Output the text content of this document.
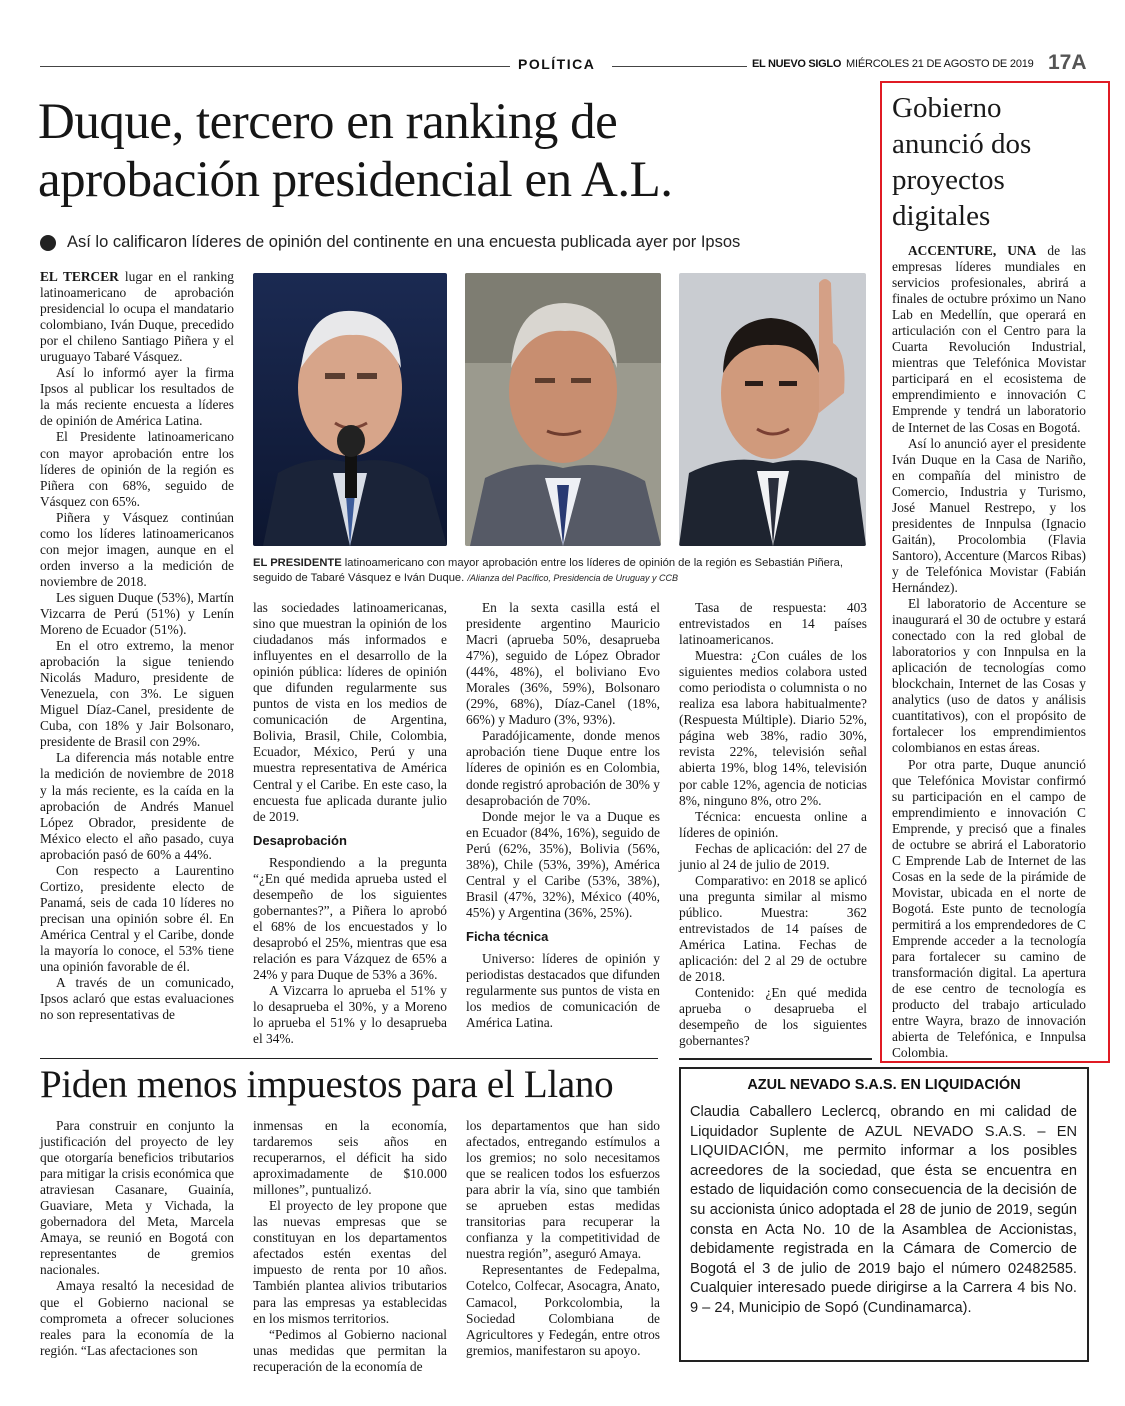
POLÍTICA	EL NUEVO SIGLO MIÉRCOLES 21 DE AGOSTO DE 2019 17A
Duque, tercero en ranking de
aprobación presidencial en A.L.
Así lo calificaron líderes de opinión del continente en una encuesta publicada ayer por Ipsos
EL PRESIDENTE latinoamericano con mayor aprobación entre los líderes de opinión de la región es Sebastián Piñera,
seguido de Tabaré Vásquez e Iván Duque. /Alianza del Pacífico, Presidencia de Uruguay y CCB

EL TERCER lugar en el ranking latinoamericano de aprobación presidencial lo ocupa el mandatario colombiano, Iván Duque, precedido por el chileno Santiago Piñera y el uruguayo Tabaré Vásquez.

Así lo informó ayer la firma Ipsos al publicar los resultados de la más reciente encuesta a líderes de opinión de América Latina.

El Presidente latinoamericano con mayor aprobación entre los líderes de opinión de la región es Piñera con 68%, seguido de Vásquez con 65%.

Piñera y Vásquez continúan como los líderes latinoamericanos con mejor imagen, aunque en el orden inverso a la medición de noviembre de 2018.

Les siguen Duque (53%), Martín Vizcarra de Perú (51%) y Lenín Moreno de Ecuador (51%).

En el otro extremo, la menor aprobación la sigue teniendo Nicolás Maduro, presidente de Venezuela, con 3%. Le siguen Miguel Díaz-Canel, presidente de Cuba, con 18% y Jair Bolsonaro, presidente de Brasil con 29%.

La diferencia más notable entre la medición de noviembre de 2018 y la más reciente, es la caída en la aprobación de Andrés Manuel López Obrador, presidente de México electo el año pasado, cuya aprobación pasó de 60% a 44%.

Con respecto a Laurentino Cortizo, presidente electo de Panamá, seis de cada 10 líderes no precisan una opinión sobre él. En América Central y el Caribe, donde la mayoría lo conoce, el 53% tiene una opinión favorable de él.

A través de un comunicado, Ipsos aclaró que estas evaluaciones no son representativas de

las sociedades latinoamericanas, sino que muestran la opinión de los ciudadanos más informados e influyentes en el desarrollo de la opinión pública: líderes de opinión que difunden regularmente sus puntos de vista en los medios de comunicación de Argentina, Bolivia, Brasil, Chile, Colombia, Ecuador, México, Perú y una muestra representativa de América Central y el Caribe. En este caso, la encuesta fue aplicada durante julio de 2019.

Desaprobación

Respondiendo a la pregunta “¿En qué medida aprueba usted el desempeño de los siguientes gobernantes?”, a Piñera lo aprobó el 68% de los encuestados y lo desaprobó el 25%, mientras que esa relación es para Vázquez de 65% a 24% y para Duque de 53% a 36%.

A Vizcarra lo aprueba el 51% y lo desaprueba el 30%, y a Moreno lo aprueba el 51% y lo desaprueba el 34%.

En la sexta casilla está el presidente argentino Mauricio Macri (aprueba 50%, desaprueba 47%), seguido de López Obrador (44%, 48%), el boliviano Evo Morales (36%, 59%), Bolsonaro (29%, 68%), Díaz-Canel (18%, 66%) y Maduro (3%, 93%).

Paradójicamente, donde menos aprobación tiene Duque entre los líderes de opinión es en Colombia, donde registró aprobación de 30% y desaprobación de 70%.

Donde mejor le va a Duque es en Ecuador (84%, 16%), seguido de Perú (62%, 35%), Bolivia (56%, 38%), Chile (53%, 39%), América Central y el Caribe (53%, 38%), Brasil (47%, 32%), México (40%, 45%) y Argentina (36%, 25%).

Ficha técnica

Universo: líderes de opinión y periodistas destacados que difunden regularmente sus puntos de vista en los medios de comunicación de América Latina.

Tasa de respuesta: 403 entrevistados en 14 países latinoamericanos.

Muestra: ¿Con cuáles de los siguientes medios colabora usted como periodista o columnista o no realiza esa labora habitualmente? (Respuesta Múltiple). Diario 52%, página web 38%, radio 30%, revista 22%, televisión señal abierta 19%, blog 14%, televisión por cable 12%, agencia de noticias 8%, ninguno 8%, otro 2%.

Técnica: encuesta online a líderes de opinión.

Fechas de aplicación: del 27 de junio al 24 de julio de 2019.

Comparativo: en 2018 se aplicó una pregunta similar al mismo público. Muestra: 362 entrevistados de 14 países de América Latina. Fechas de aplicación: del 2 al 29 de octubre de 2018.

Contenido: ¿En qué medida aprueba o desaprueba el desempeño de los siguientes gobernantes?

Gobierno anunció dos proyectos digitales

ACCENTURE, UNA de las empresas líderes mundiales en servicios profesionales, abrirá a finales de octubre próximo un Nano Lab en Medellín, que operará en articulación con el Centro para la Cuarta Revolución Industrial, mientras que Telefónica Movistar participará en el ecosistema de emprendimiento e innovación C Emprende y tendrá un laboratorio de Internet de las Cosas en Bogotá.

Así lo anunció ayer el presidente Iván Duque en la Casa de Nariño, en compañía del ministro de Comercio, Industria y Turismo, José Manuel Restrepo, y los presidentes de Innpulsa (Ignacio Gaitán), Procolombia (Flavia Santoro), Accenture (Marcos Ribas) y de Telefónica Movistar (Fabián Hernández).

El laboratorio de Accenture se inaugurará el 30 de octubre y estará conectado con la red global de laboratorios y con Innpulsa en la aplicación de tecnologías como blockchain, Internet de las Cosas y analytics (uso de datos y análisis cuantitativos), con el propósito de fortalecer los emprendimientos colombianos en estas áreas.

Por otra parte, Duque anunció que Telefónica Movistar confirmó su participación en el campo de emprendimiento e innovación C Emprende, y precisó que a finales de octubre se abrirá el Laboratorio C Emprende Lab de Internet de las Cosas en la sede de la pirámide de Movistar, ubicada en el norte de Bogotá. Este punto de tecnología permitirá a los emprendedores de C Emprende acceder a la tecnología para fortalecer su camino de transformación digital. La apertura de ese centro de tecnología es producto del trabajo articulado entre Wayra, brazo de innovación abierta de Telefónica, e Innpulsa Colombia.

Piden menos impuestos para el Llano

Para construir en conjunto la justificación del proyecto de ley que otorgaría beneficios tributarios para mitigar la crisis económica que atraviesan Casanare, Guainía, Guaviare, Meta y Vichada, la gobernadora del Meta, Marcela Amaya, se reunió en Bogotá con representantes de gremios nacionales.

Amaya resaltó la necesidad de que el Gobierno nacional se comprometa a ofrecer soluciones reales para la economía de la región. “Las afectaciones son

inmensas en la economía, tardaremos seis años en recuperarnos, el déficit ha sido aproximadamente de $10.000 millones”, puntualizó.

El proyecto de ley propone que las nuevas empresas que se constituyan en los departamentos afectados estén exentas del impuesto de renta por 10 años. También plantea alivios tributarios para las empresas ya establecidas en los mismos territorios.

“Pedimos al Gobierno nacional unas medidas que permitan la recuperación de la economía de

los departamentos que han sido afectados, entregando estímulos a los gremios; no solo necesitamos que se realicen todos los esfuerzos para abrir la vía, sino que también se aprueben estas medidas transitorias para recuperar la confianza y la competitividad de nuestra región”, aseguró Amaya.

Representantes de Fedepalma, Cotelco, Colfecar, Asocagra, Anato, Camacol, Porkcolombia, la Sociedad Colombiana de Agricultores y Fedegán, entre otros gremios, manifestaron su apoyo.

AZUL NEVADO S.A.S. EN LIQUIDACIÓN
Claudia Caballero Leclercq, obrando en mi calidad de Liquidador Suplente de AZUL NEVADO S.A.S. – EN LIQUIDACIÓN, me permito informar a los posibles acreedores de la sociedad, que ésta se encuentra en estado de liquidación como consecuencia de la decisión de su accionista único adoptada el 28 de junio de 2019, según consta en Acta No. 10 de la Asamblea de Accionistas, debidamente registrada en la Cámara de Comercio de Bogotá el 3 de julio de 2019 bajo el número 02482585. Cualquier interesado puede dirigirse a la Carrera 4 bis No. 9 – 24, Municipio de Sopó (Cundinamarca).
